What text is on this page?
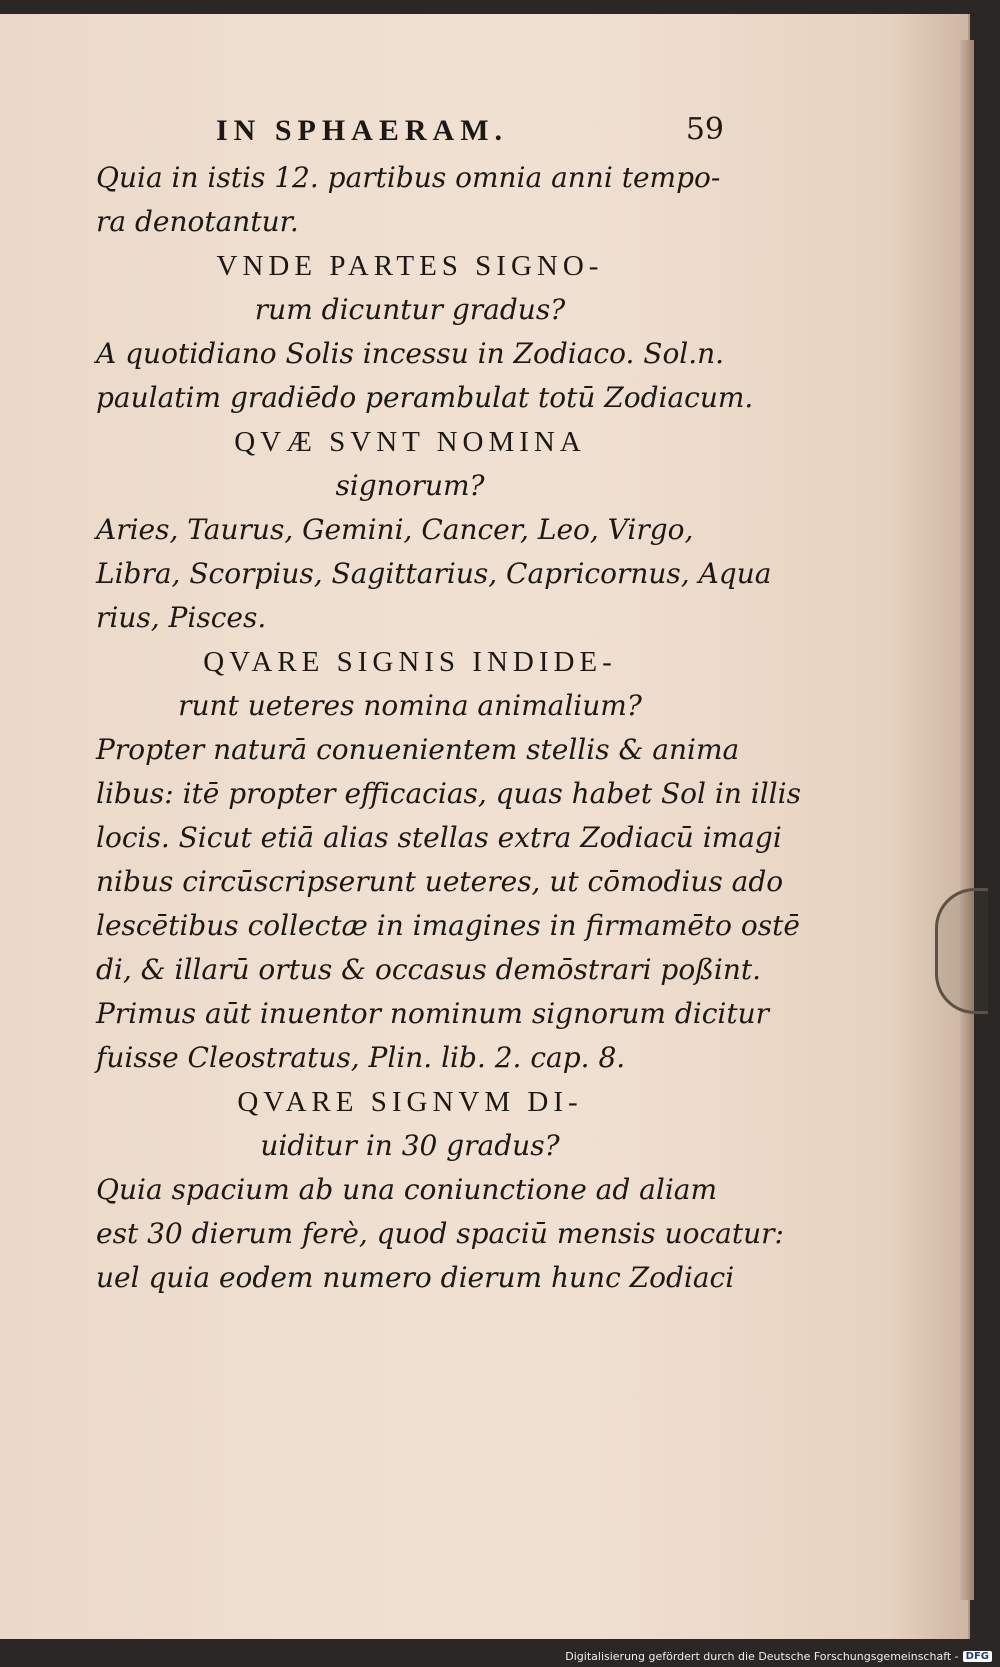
IN SPHAERAM.	59
Quia in istis 12. partibus omnia anni tempo-
ra denotantur.
VNDE PARTES SIGNO-
rum dicuntur gradus?
A quotidiano Solis incessu in Zodiaco. Sol.n.
paulatim gradiēdo perambulat totū Zodiacum.
QVÆ SVNT NOMINA
signorum?
Aries, Taurus, Gemini, Cancer, Leo, Virgo,
Libra, Scorpius, Sagittarius, Capricornus, Aqua
rius, Pisces.
QVARE SIGNIS INDIDE-
runt ueteres nomina animalium?
Propter naturā conuenientem stellis & anima
libus: itē propter efficacias, quas habet Sol in illis
locis. Sicut etiā alias stellas extra Zodiacū imagi
nibus circūscripserunt ueteres, ut cōmodius ado
lescētibus collectæ in imagines in firmamēto ostē
di, & illarū ortus & occasus demōstrari poßint.
Primus aūt inuentor nominum signorum dicitur
fuisse Cleostratus, Plin. lib. 2. cap. 8.
QVARE SIGNVM DI-
uiditur in 30 gradus?
Quia spacium ab una coniunctione ad aliam
est 30 dierum ferè, quod spaciū mensis uocatur:
uel quia eodem numero dierum hunc Zodiaci
Digitalisierung gefördert durch die Deutsche Forschungsgemeinschaft - DFG
